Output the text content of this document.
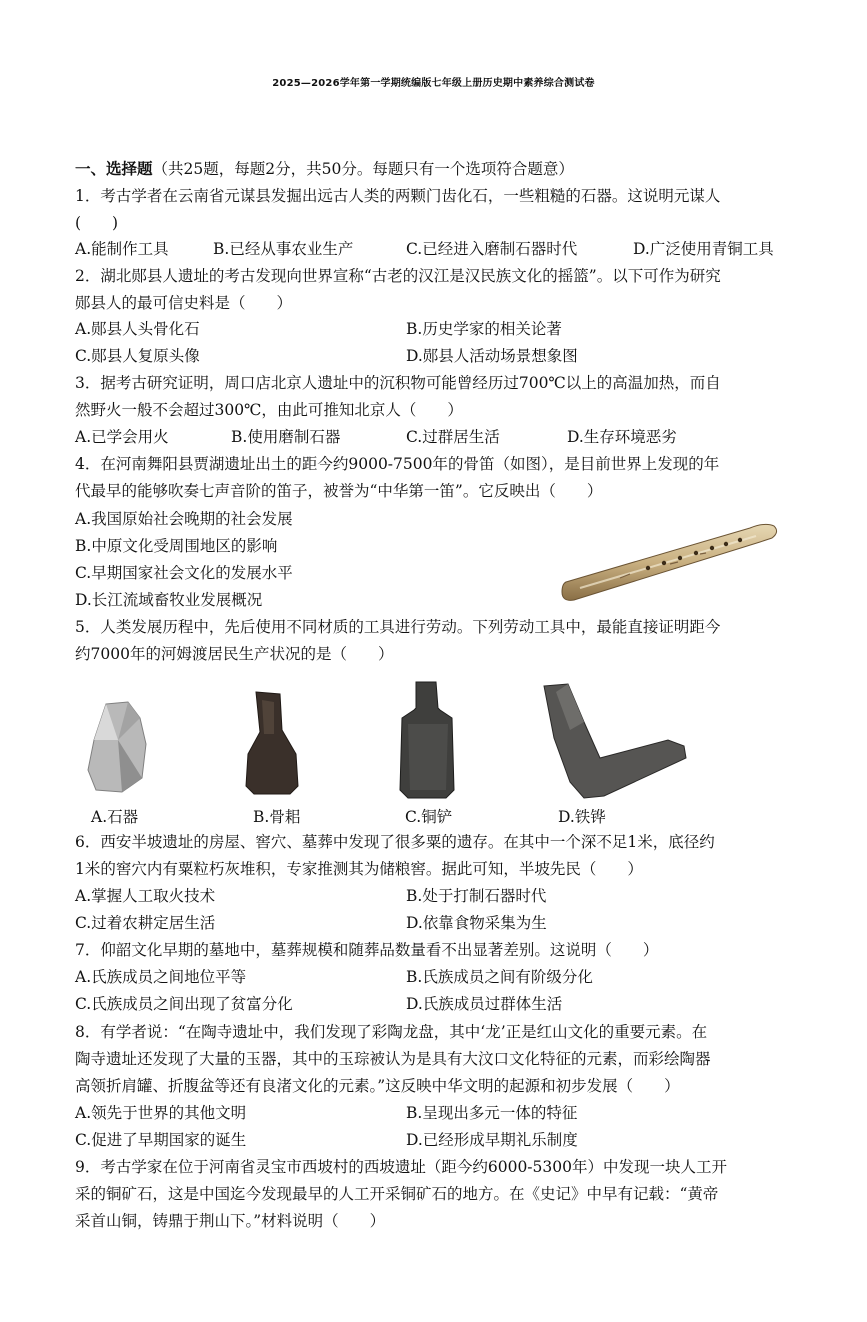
2025—2026学年第一学期统编版七年级上册历史期中素养综合测试卷
一、选择题（共25题，每题2分，共50分。每题只有一个选项符合题意）
1．考古学者在云南省元谋县发掘出远古人类的两颗门齿化石，一些粗糙的石器。这说明元谋人
(　　)
A.能制作工具	B.已经从事农业生产	C.已经进入磨制石器时代	D.广泛使用青铜工具
2．湖北郧县人遗址的考古发现向世界宣称“古老的汉江是汉民族文化的摇篮”。以下可作为研究
郧县人的最可信史料是（　　）
A.郧县人头骨化石	B.历史学家的相关论著
C.郧县人复原头像	D.郧县人活动场景想象图
3．据考古研究证明，周口店北京人遗址中的沉积物可能曾经历过700℃以上的高温加热，而自
然野火一般不会超过300℃，由此可推知北京人（　　）
A.已学会用火	B.使用磨制石器	C.过群居生活	D.生存环境恶劣
4．在河南舞阳县贾湖遗址出土的距今约9000-7500年的骨笛（如图），是目前世界上发现的年
代最早的能够吹奏七声音阶的笛子，被誉为“中华第一笛”。它反映出（　　）
A.我国原始社会晚期的社会发展
B.中原文化受周围地区的影响
C.早期国家社会文化的发展水平
D.长江流域畜牧业发展概况
5．人类发展历程中，先后使用不同材质的工具进行劳动。下列劳动工具中，最能直接证明距今
约7000年的河姆渡居民生产状况的是（　　）
A.石器	B.骨耜	C.铜铲	D.铁铧
6．西安半坡遗址的房屋、窖穴、墓葬中发现了很多粟的遗存。在其中一个深不足1米，底径约
1米的窖穴内有粟粒朽灰堆积，专家推测其为储粮窖。据此可知，半坡先民（　　）
A.掌握人工取火技术	B.处于打制石器时代
C.过着农耕定居生活	D.依靠食物采集为生
7．仰韶文化早期的墓地中，墓葬规模和随葬品数量看不出显著差别。这说明（　　）
A.氏族成员之间地位平等	B.氏族成员之间有阶级分化
C.氏族成员之间出现了贫富分化	D.氏族成员过群体生活
8．有学者说：“在陶寺遗址中，我们发现了彩陶龙盘，其中‘龙’正是红山文化的重要元素。在
陶寺遗址还发现了大量的玉器，其中的玉琮被认为是具有大汶口文化特征的元素，而彩绘陶器
高领折肩罐、折腹盆等还有良渚文化的元素。”这反映中华文明的起源和初步发展（　　）
A.领先于世界的其他文明	B.呈现出多元一体的特征
C.促进了早期国家的诞生	D.已经形成早期礼乐制度
9．考古学家在位于河南省灵宝市西坡村的西坡遗址（距今约6000-5300年）中发现一块人工开
采的铜矿石，这是中国迄今发现最早的人工开采铜矿石的地方。在《史记》中早有记载：“黄帝
采首山铜，铸鼎于荆山下。”材料说明（　　）
